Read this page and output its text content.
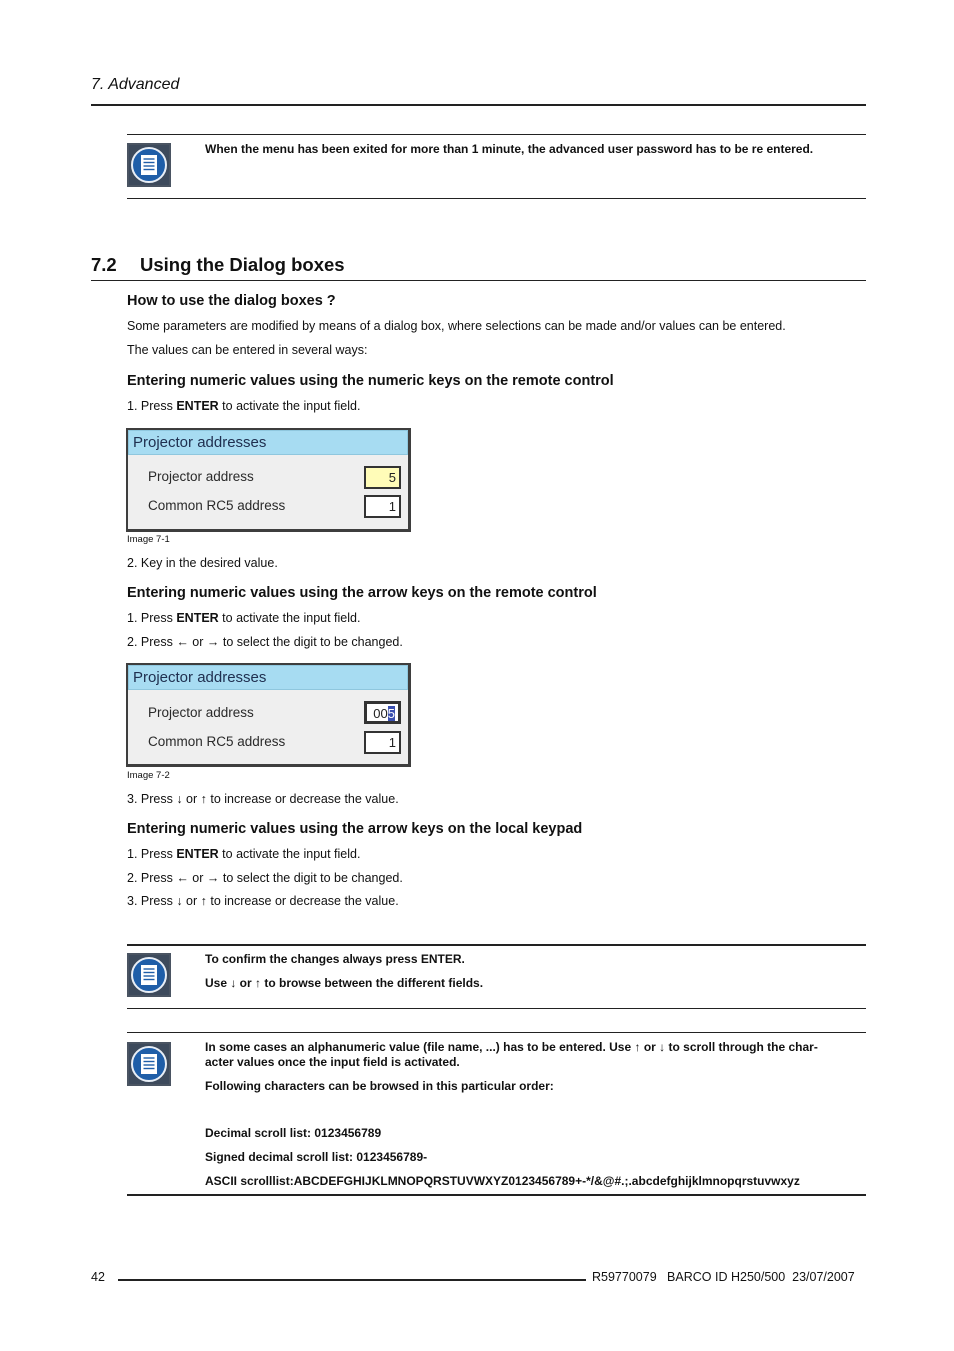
7. Advanced
When the menu has been exited for more than 1 minute, the advanced user password has to be re entered.
7.2 Using the Dialog boxes
How to use the dialog boxes ?
Some parameters are modified by means of a dialog box, where selections can be made and/or values can be entered.
The values can be entered in several ways:
Entering numeric values using the numeric keys on the remote control
1. Press ENTER to activate the input field.
Projector addresses
Projector address	5
Common RC5 address	1
Image 7-1
2. Key in the desired value.
Entering numeric values using the arrow keys on the remote control
1. Press ENTER to activate the input field.
2. Press ← or → to select the digit to be changed.
Projector addresses
Projector address	005
Common RC5 address	1
Image 7-2
3. Press ↓ or ↑ to increase or decrease the value.
Entering numeric values using the arrow keys on the local keypad
1. Press ENTER to activate the input field.
2. Press ← or → to select the digit to be changed.
3. Press ↓ or ↑ to increase or decrease the value.
To confirm the changes always press ENTER.
Use ↓ or ↑ to browse between the different fields.
In some cases an alphanumeric value (file name, ...) has to be entered. Use ↑ or ↓ to scroll through the char-
acter values once the input field is activated.
Following characters can be browsed in this particular order:
Decimal scroll list: 0123456789
Signed decimal scroll list: 0123456789-
ASCII scrolllist:ABCDEFGHIJKLMNOPQRSTUVWXYZ0123456789+-*/&@#.;.abcdefghijklmnopqrstuvwxyz
42	R59770079   BARCO ID H250/500  23/07/2007
